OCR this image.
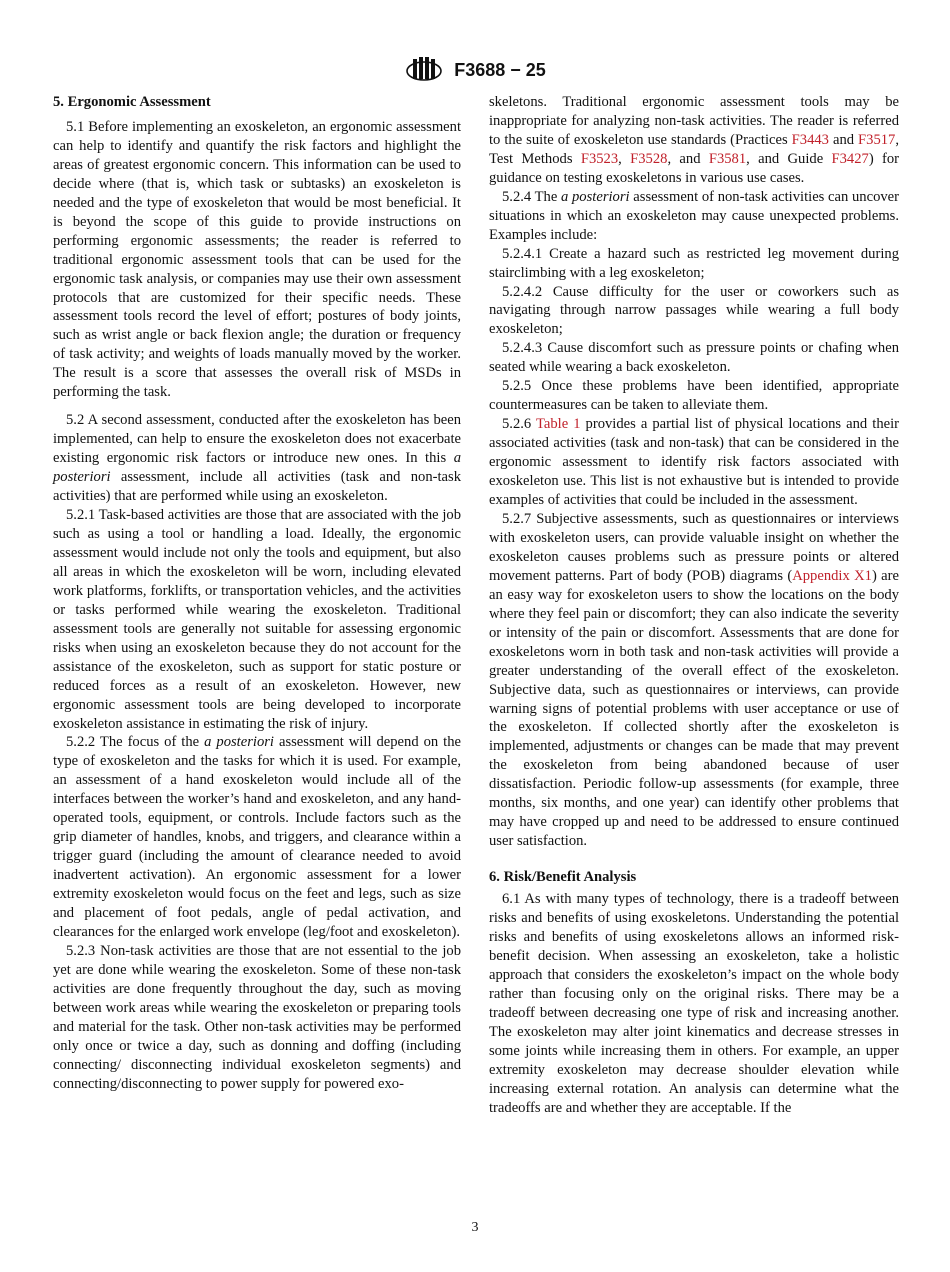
F3688 − 25
5. Ergonomic Assessment

5.1 Before implementing an exoskeleton, an ergonomic assessment can help to identify and quantify the risk factors and highlight the areas of greatest ergonomic concern. This information can be used to decide where (that is, which task or subtasks) an exoskeleton is needed and the type of exoskeleton that would be most beneficial. It is beyond the scope of this guide to provide instructions on performing ergonomic assessments; the reader is referred to traditional ergonomic assessment tools that can be used for the ergonomic task analysis, or companies may use their own assessment protocols that are customized for their specific needs. These assessment tools record the level of effort; postures of body joints, such as wrist angle or back flexion angle; the duration or frequency of task activity; and weights of loads manually moved by the worker. The result is a score that assesses the overall risk of MSDs in performing the task.

5.2 A second assessment, conducted after the exoskeleton has been implemented, can help to ensure the exoskeleton does not exacerbate existing ergonomic risk factors or introduce new ones. In this a posteriori assessment, include all activities (task and non-task activities) that are performed while using an exoskeleton.

5.2.1 Task-based activities are those that are associated with the job such as using a tool or handling a load. Ideally, the ergonomic assessment would include not only the tools and equipment, but also all areas in which the exoskeleton will be worn, including elevated work platforms, forklifts, or transportation vehicles, and the activities or tasks performed while wearing the exoskeleton. Traditional assessment tools are generally not suitable for assessing ergonomic risks when using an exoskeleton because they do not account for the assistance of the exoskeleton, such as support for static posture or reduced forces as a result of an exoskeleton. However, new ergonomic assessment tools are being developed to incorporate exoskeleton assistance in estimating the risk of injury.

5.2.2 The focus of the a posteriori assessment will depend on the type of exoskeleton and the tasks for which it is used. For example, an assessment of a hand exoskeleton would include all of the interfaces between the worker’s hand and exoskeleton, and any hand-operated tools, equipment, or controls. Include factors such as the grip diameter of handles, knobs, and triggers, and clearance within a trigger guard (including the amount of clearance needed to avoid inadvertent activation). An ergonomic assessment for a lower extremity exoskeleton would focus on the feet and legs, such as size and placement of foot pedals, angle of pedal activation, and clearances for the enlarged work envelope (leg/foot and exoskeleton).

5.2.3 Non-task activities are those that are not essential to the job yet are done while wearing the exoskeleton. Some of these non-task activities are done frequently throughout the day, such as moving between work areas while wearing the exoskeleton or preparing tools and material for the task. Other non-task activities may be performed only once or twice a day, such as donning and doffing (including connecting/ disconnecting individual exoskeleton segments) and connecting/disconnecting to power supply for powered exo-

skeletons. Traditional ergonomic assessment tools may be inappropriate for analyzing non-task activities. The reader is referred to the suite of exoskeleton use standards (Practices F3443 and F3517, Test Methods F3523, F3528, and F3581, and Guide F3427) for guidance on testing exoskeletons in various use cases.

5.2.4 The a posteriori assessment of non-task activities can uncover situations in which an exoskeleton may cause unexpected problems. Examples include:

5.2.4.1 Create a hazard such as restricted leg movement during stairclimbing with a leg exoskeleton;

5.2.4.2 Cause difficulty for the user or coworkers such as navigating through narrow passages while wearing a full body exoskeleton;

5.2.4.3 Cause discomfort such as pressure points or chafing when seated while wearing a back exoskeleton.

5.2.5 Once these problems have been identified, appropriate countermeasures can be taken to alleviate them.

5.2.6 Table 1 provides a partial list of physical locations and their associated activities (task and non-task) that can be considered in the ergonomic assessment to identify risk factors associated with exoskeleton use. This list is not exhaustive but is intended to provide examples of activities that could be included in the assessment.

5.2.7 Subjective assessments, such as questionnaires or interviews with exoskeleton users, can provide valuable insight on whether the exoskeleton causes problems such as pressure points or altered movement patterns. Part of body (POB) diagrams (Appendix X1) are an easy way for exoskeleton users to show the locations on the body where they feel pain or discomfort; they can also indicate the severity or intensity of the pain or discomfort. Assessments that are done for exoskeletons worn in both task and non-task activities will provide a greater understanding of the overall effect of the exoskeleton. Subjective data, such as questionnaires or interviews, can provide warning signs of potential problems with user acceptance or use of the exoskeleton. If collected shortly after the exoskeleton is implemented, adjustments or changes can be made that may prevent the exoskeleton from being abandoned because of user dissatisfaction. Periodic follow-up assessments (for example, three months, six months, and one year) can identify other problems that may have cropped up and need to be addressed to ensure continued user satisfaction.

6. Risk/Benefit Analysis

6.1 As with many types of technology, there is a tradeoff between risks and benefits of using exoskeletons. Understanding the potential risks and benefits of using exoskeletons allows an informed risk-benefit decision. When assessing an exoskeleton, take a holistic approach that considers the exoskeleton’s impact on the whole body rather than focusing only on the original risks. There may be a tradeoff between decreasing one type of risk and increasing another. The exoskeleton may alter joint kinematics and decrease stresses in some joints while increasing them in others. For example, an upper extremity exoskeleton may decrease shoulder elevation while increasing external rotation. An analysis can determine what the tradeoffs are and whether they are acceptable. If the

3
